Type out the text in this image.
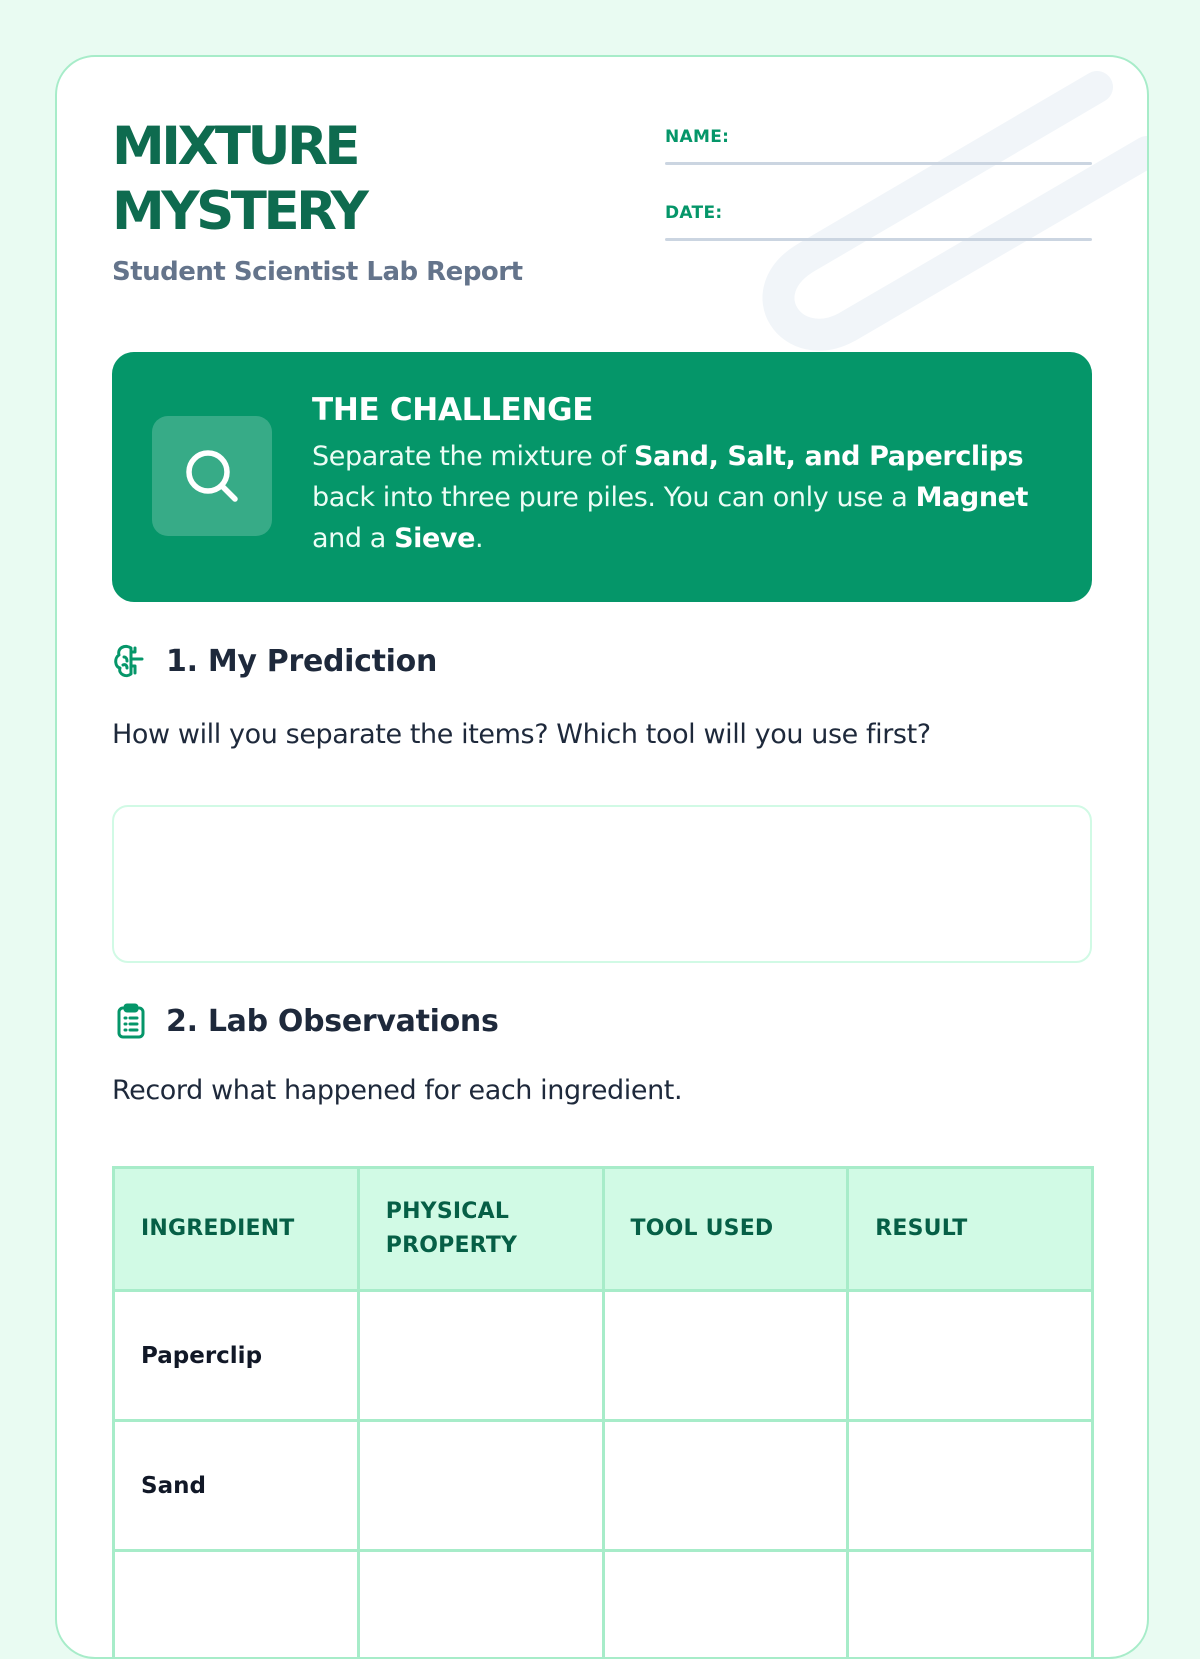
MIXTURE
MYSTERY
Student Scientist Lab Report
NAME:
DATE:
THE CHALLENGE
Separate the mixture of Sand, Salt, and Paperclips back into three pure piles. You can only use a Magnet and a Sieve.
1. My Prediction
How will you separate the items? Which tool will you use first?
2. Lab Observations
Record what happened for each ingredient.
INGREDIENT	PHYSICAL PROPERTY	TOOL USED	RESULT
Paperclip			
Sand			
